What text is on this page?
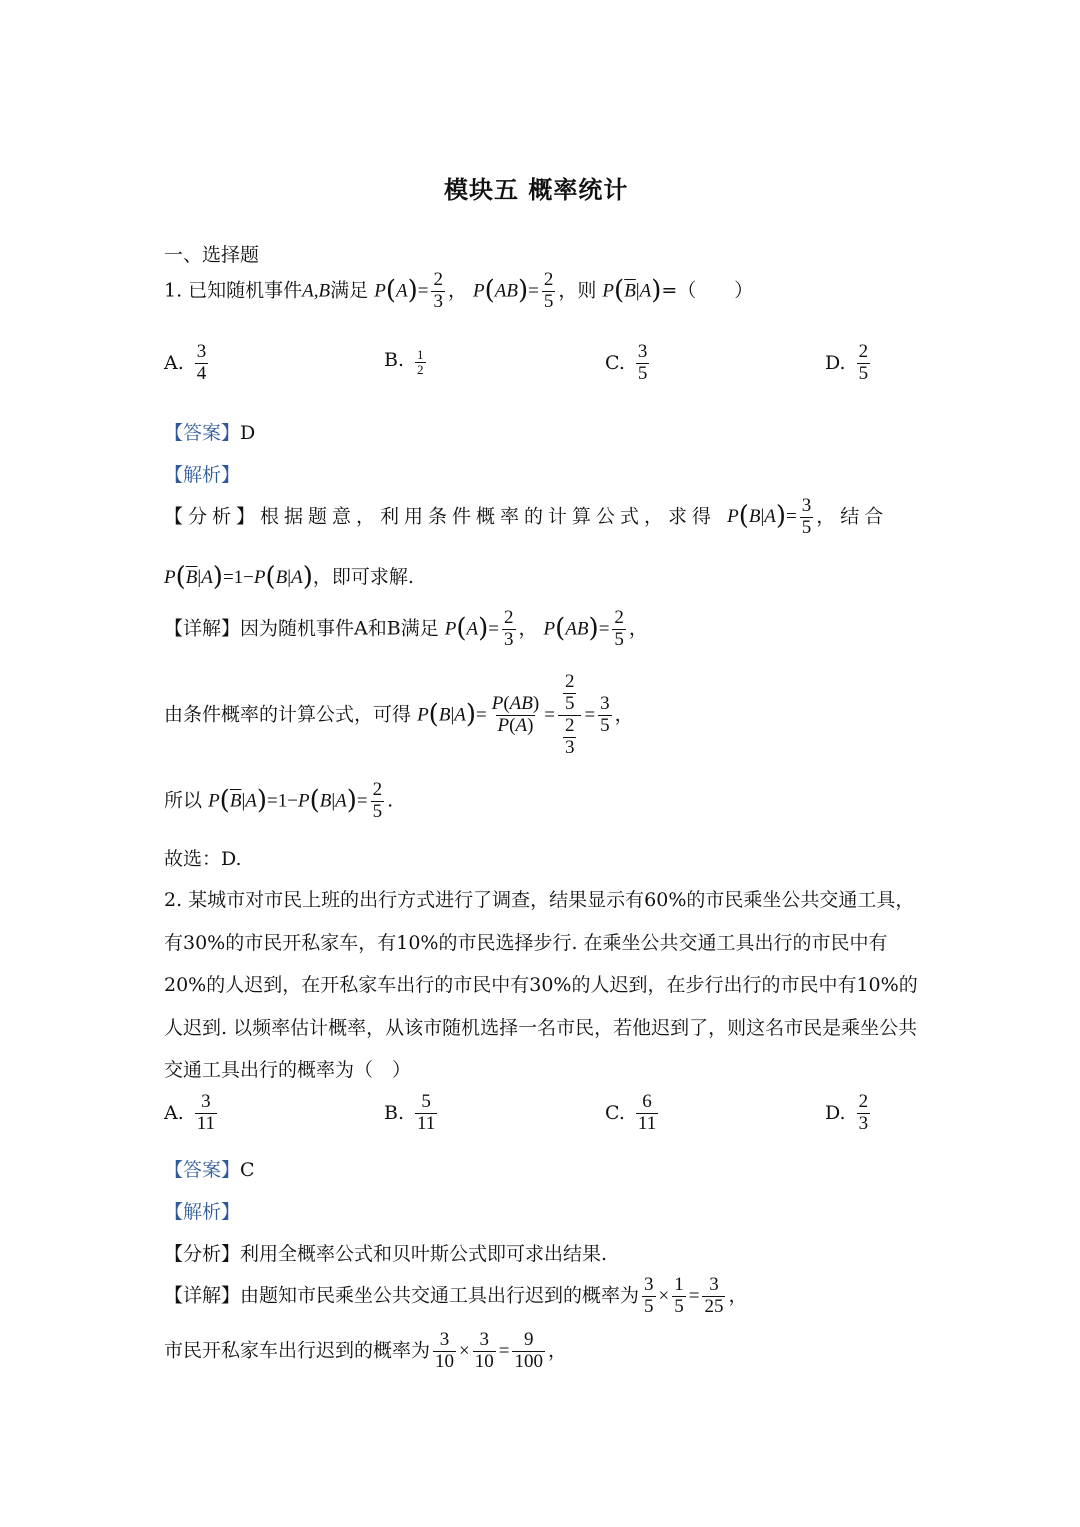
模块五 概率统计
一、选择题
1. 已知随机事件A,B满足 $P(A)= \frac{2}{3}$ ， $P(AB)= \frac{2}{5}$ ，则 $P(\overline{B}|A)=$（　　）
A. $\frac{3}{4}$	B. $\frac{1}{2}$	C. $\frac{3}{5}$	D. $\frac{2}{5}$
【答案】D
【解析】
【分析】根据题意，利用条件概率的计算公式，求得 $P(B|A)= \frac{3}{5}$ ，结合
$P(\overline{B}|A)=1-P(B|A)$，即可求解.
【详解】因为随机事件A和B满足 $P(A)= \frac{2}{3}$ ， $P(AB)= \frac{2}{5}$ ，
由条件概率的计算公式，可得 $P(B|A)= \frac{P(AB)}{P(A)} = \frac{\frac{2}{5}}{\frac{2}{3}} = \frac{3}{5}$ ，
所以 $P(\overline{B}|A)=1-P(B|A)= \frac{2}{5}$ .
故选：D.
2. 某城市对市民上班的出行方式进行了调查，结果显示有60%的市民乘坐公共交通工具，
有30%的市民开私家车，有10%的市民选择步行. 在乘坐公共交通工具出行的市民中有
20%的人迟到，在开私家车出行的市民中有30%的人迟到，在步行出行的市民中有10%的
人迟到. 以频率估计概率，从该市随机选择一名市民，若他迟到了，则这名市民是乘坐公共
交通工具出行的概率为（　）
A. $\frac{3}{11}$	B. $\frac{5}{11}$	C. $\frac{6}{11}$	D. $\frac{2}{3}$
【答案】C
【解析】
【分析】利用全概率公式和贝叶斯公式即可求出结果.
【详解】由题知市民乘坐公共交通工具出行迟到的概率为 $\frac{3}{5} \times \frac{1}{5} = \frac{3}{25}$ ，
市民开私家车出行迟到的概率为 $\frac{3}{10} \times \frac{3}{10} = \frac{9}{100}$ ，
